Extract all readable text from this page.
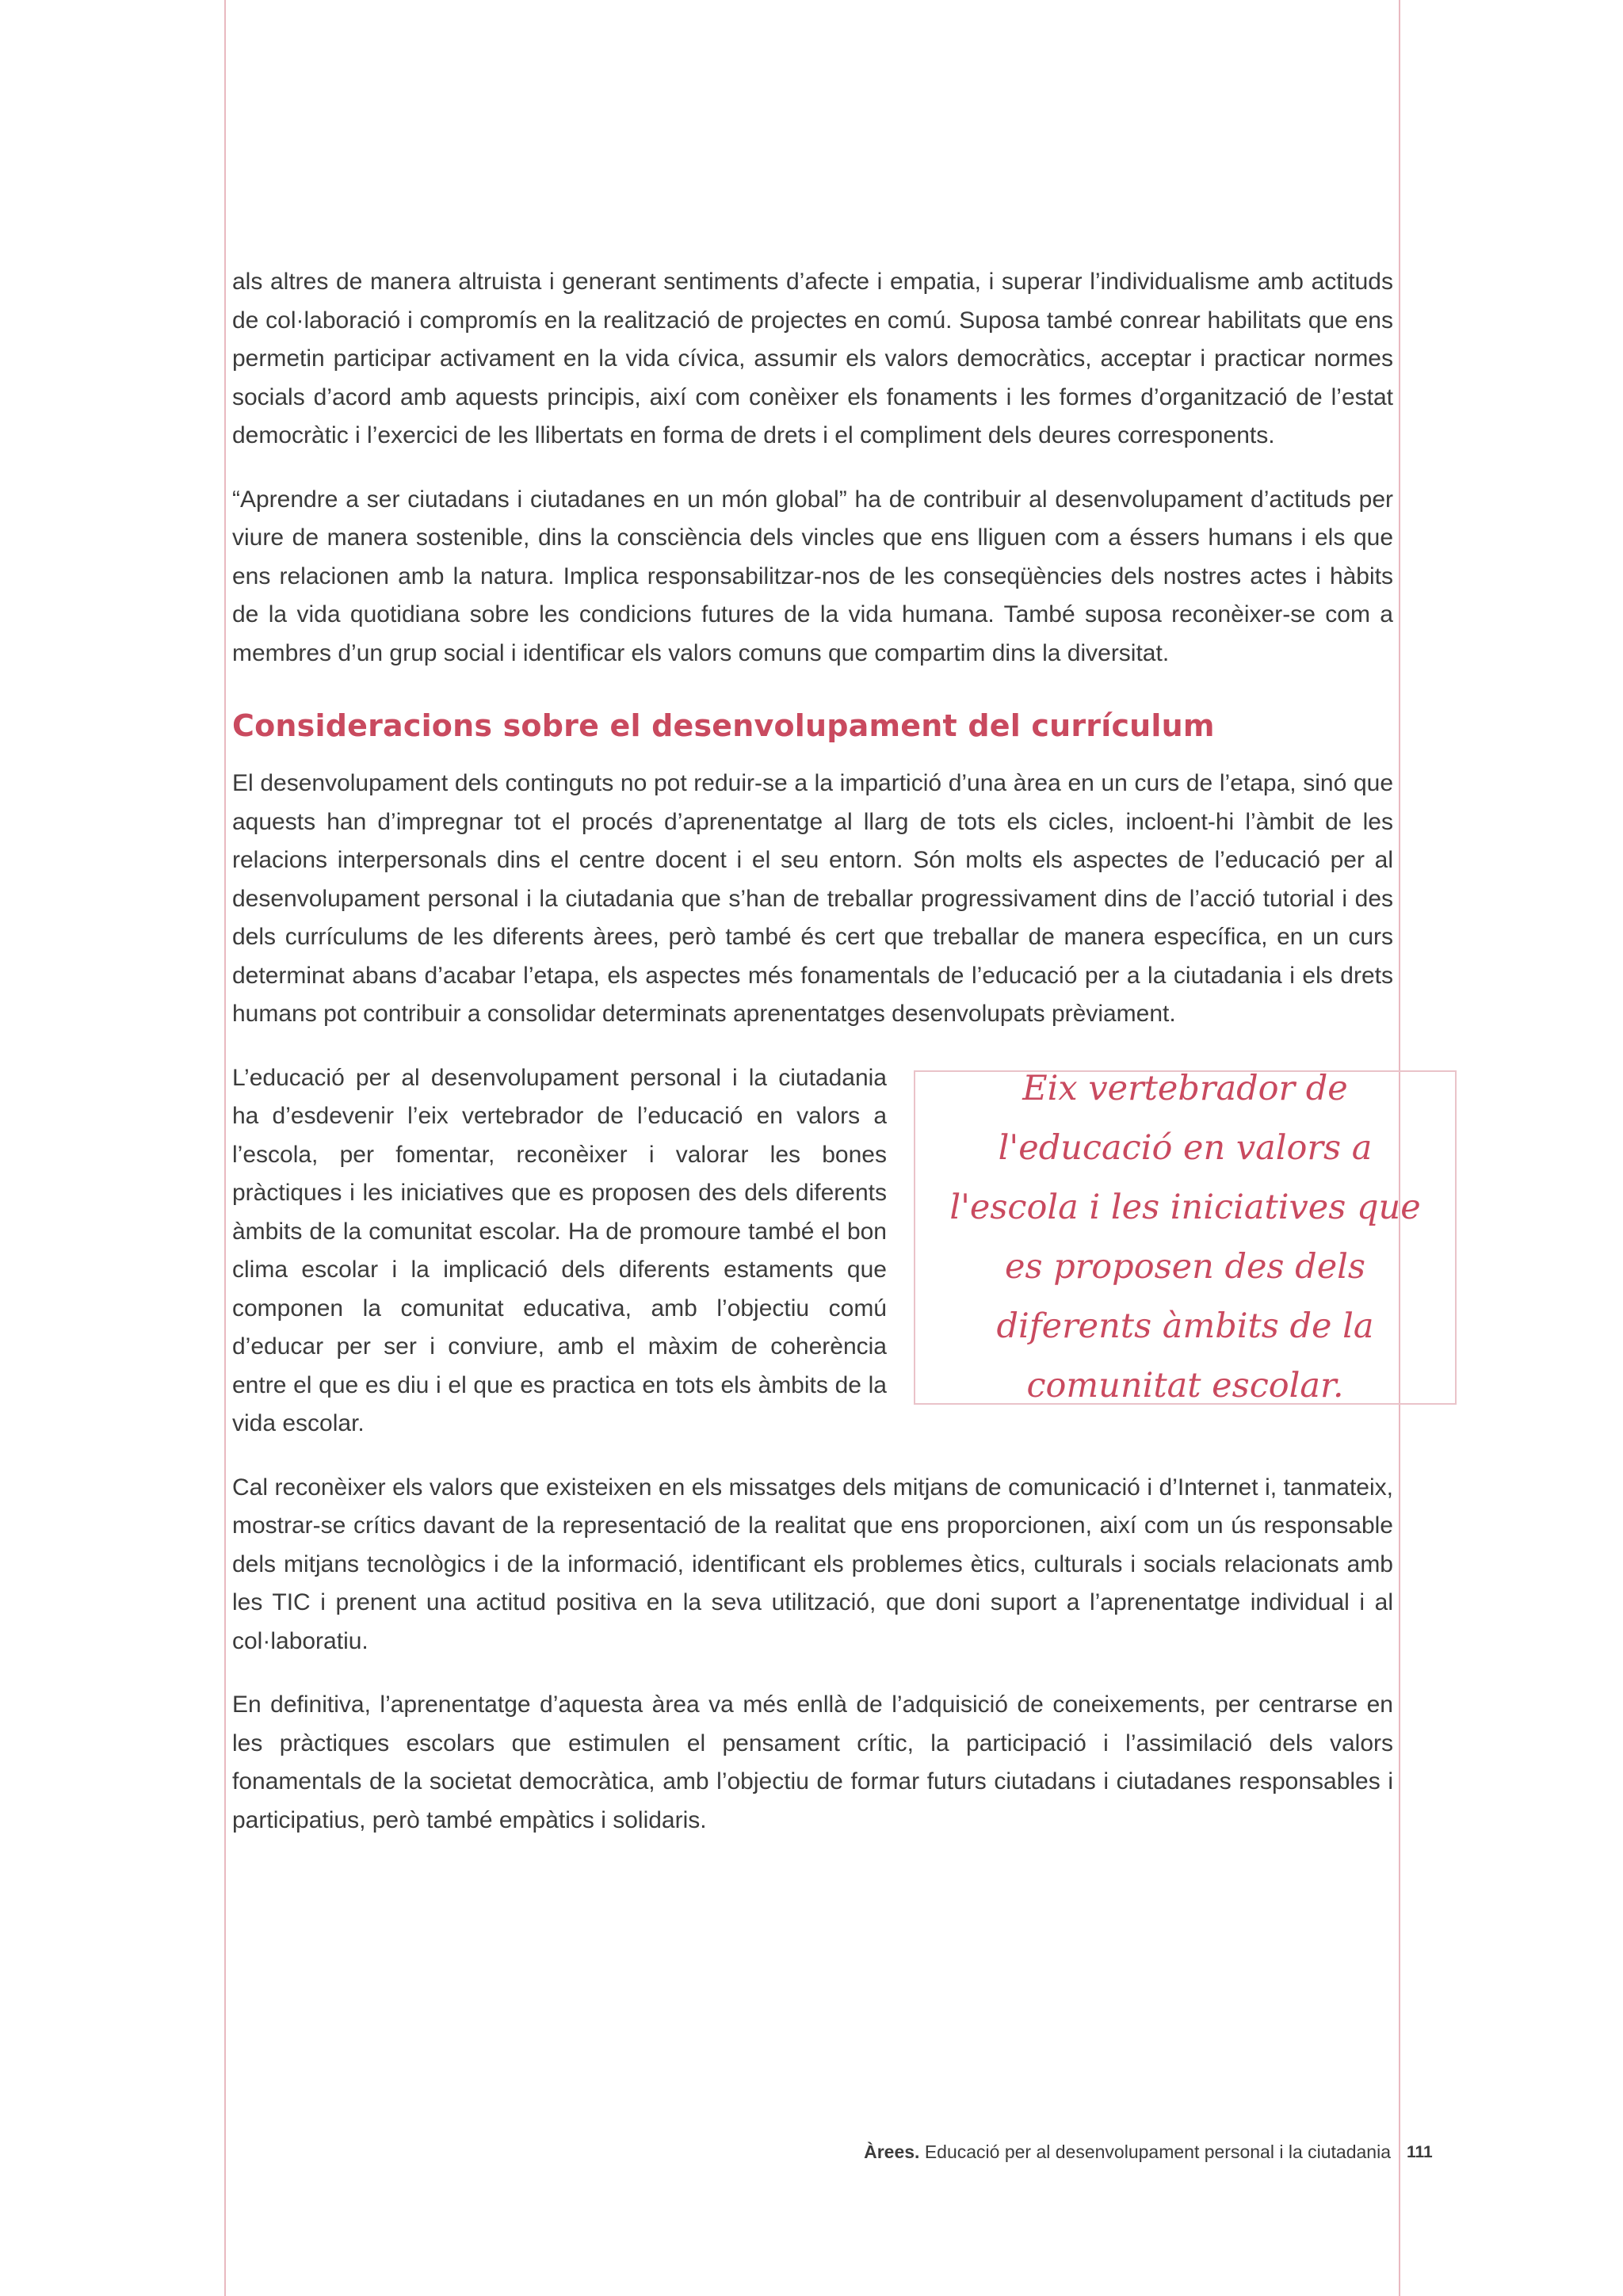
als altres de manera altruista i generant sentiments d’afecte i empatia, i superar l’individualisme amb actituds de col·laboració i compromís en la realització de projectes en comú. Suposa també conrear habilitats que ens permetin participar activament en la vida cívica, assumir els valors democràtics, acceptar i practicar normes socials d’acord amb aquests principis, així com conèixer els fonaments i les formes d’organització de l’estat democràtic i l’exercici de les llibertats en forma de drets i el compliment dels deures corresponents.

“Aprendre a ser ciutadans i ciutadanes en un món global” ha de contribuir al desenvolupament d’actituds per viure de manera sostenible, dins la consciència dels vincles que ens lliguen com a éssers humans i els que ens relacionen amb la natura. Implica responsabilitzar-nos de les conseqüències dels nostres actes i hàbits de la vida quotidiana sobre les condicions futures de la vida humana. També suposa reconèixer-se com a membres d’un grup social i identificar els valors comuns que compartim dins la diversitat.

Consideracions sobre el desenvolupament del currículum

El desenvolupament dels continguts no pot reduir-se a la impartició d’una àrea en un curs de l’etapa, sinó que aquests han d’impregnar tot el procés d’aprenentatge al llarg de tots els cicles, incloent-hi l’àmbit de les relacions interpersonals dins el centre docent i el seu entorn. Són molts els aspectes de l’educació per al desenvolupament personal i la ciutadania que s’han de treballar progressivament dins de l’acció tutorial i des dels currículums de les diferents àrees, però també és cert que treballar de manera específica, en un curs determinat abans d’acabar l’etapa, els aspectes més fonamentals de l’educació per a la ciutadania i els drets humans pot contribuir a consolidar determinats aprenentatges desenvolupats prèviament.

Eix vertebrador de l'educació en valors a l'escola i les iniciatives que es proposen des dels diferents àmbits de la comunitat escolar.

L’educació per al desenvolupament personal i la ciutadania ha d’esdevenir l’eix vertebrador de l’educació en valors a l’escola, per fomentar, reconèixer i valorar les bones pràctiques i les iniciatives que es proposen des dels diferents àmbits de la comunitat escolar. Ha de promoure també el bon clima escolar i la implicació dels diferents estaments que componen la comunitat educativa, amb l’objectiu comú d’educar per ser i conviure, amb el màxim de coherència entre el que es diu i el que es practica en tots els àmbits de la vida escolar.

Cal reconèixer els valors que existeixen en els missatges dels mitjans de comunicació i d’Internet i, tanmateix, mostrar-se crítics davant de la representació de la realitat que ens proporcionen, així com un ús responsable dels mitjans tecnològics i de la informació, identificant els problemes ètics, culturals i socials relacionats amb les TIC i prenent una actitud positiva en la seva utilització, que doni suport a l’aprenentatge individual i al col·laboratiu.

En definitiva, l’aprenentatge d’aquesta àrea va més enllà de l’adquisició de coneixements, per centrarse en les pràctiques escolars que estimulen el pensament crític, la participació i l’assimilació dels valors fonamentals de la societat democràtica, amb l’objectiu de formar futurs ciutadans i ciutadanes responsables i participatius, però també empàtics i solidaris.

Àrees. Educació per al desenvolupament personal i la ciutadania 111
